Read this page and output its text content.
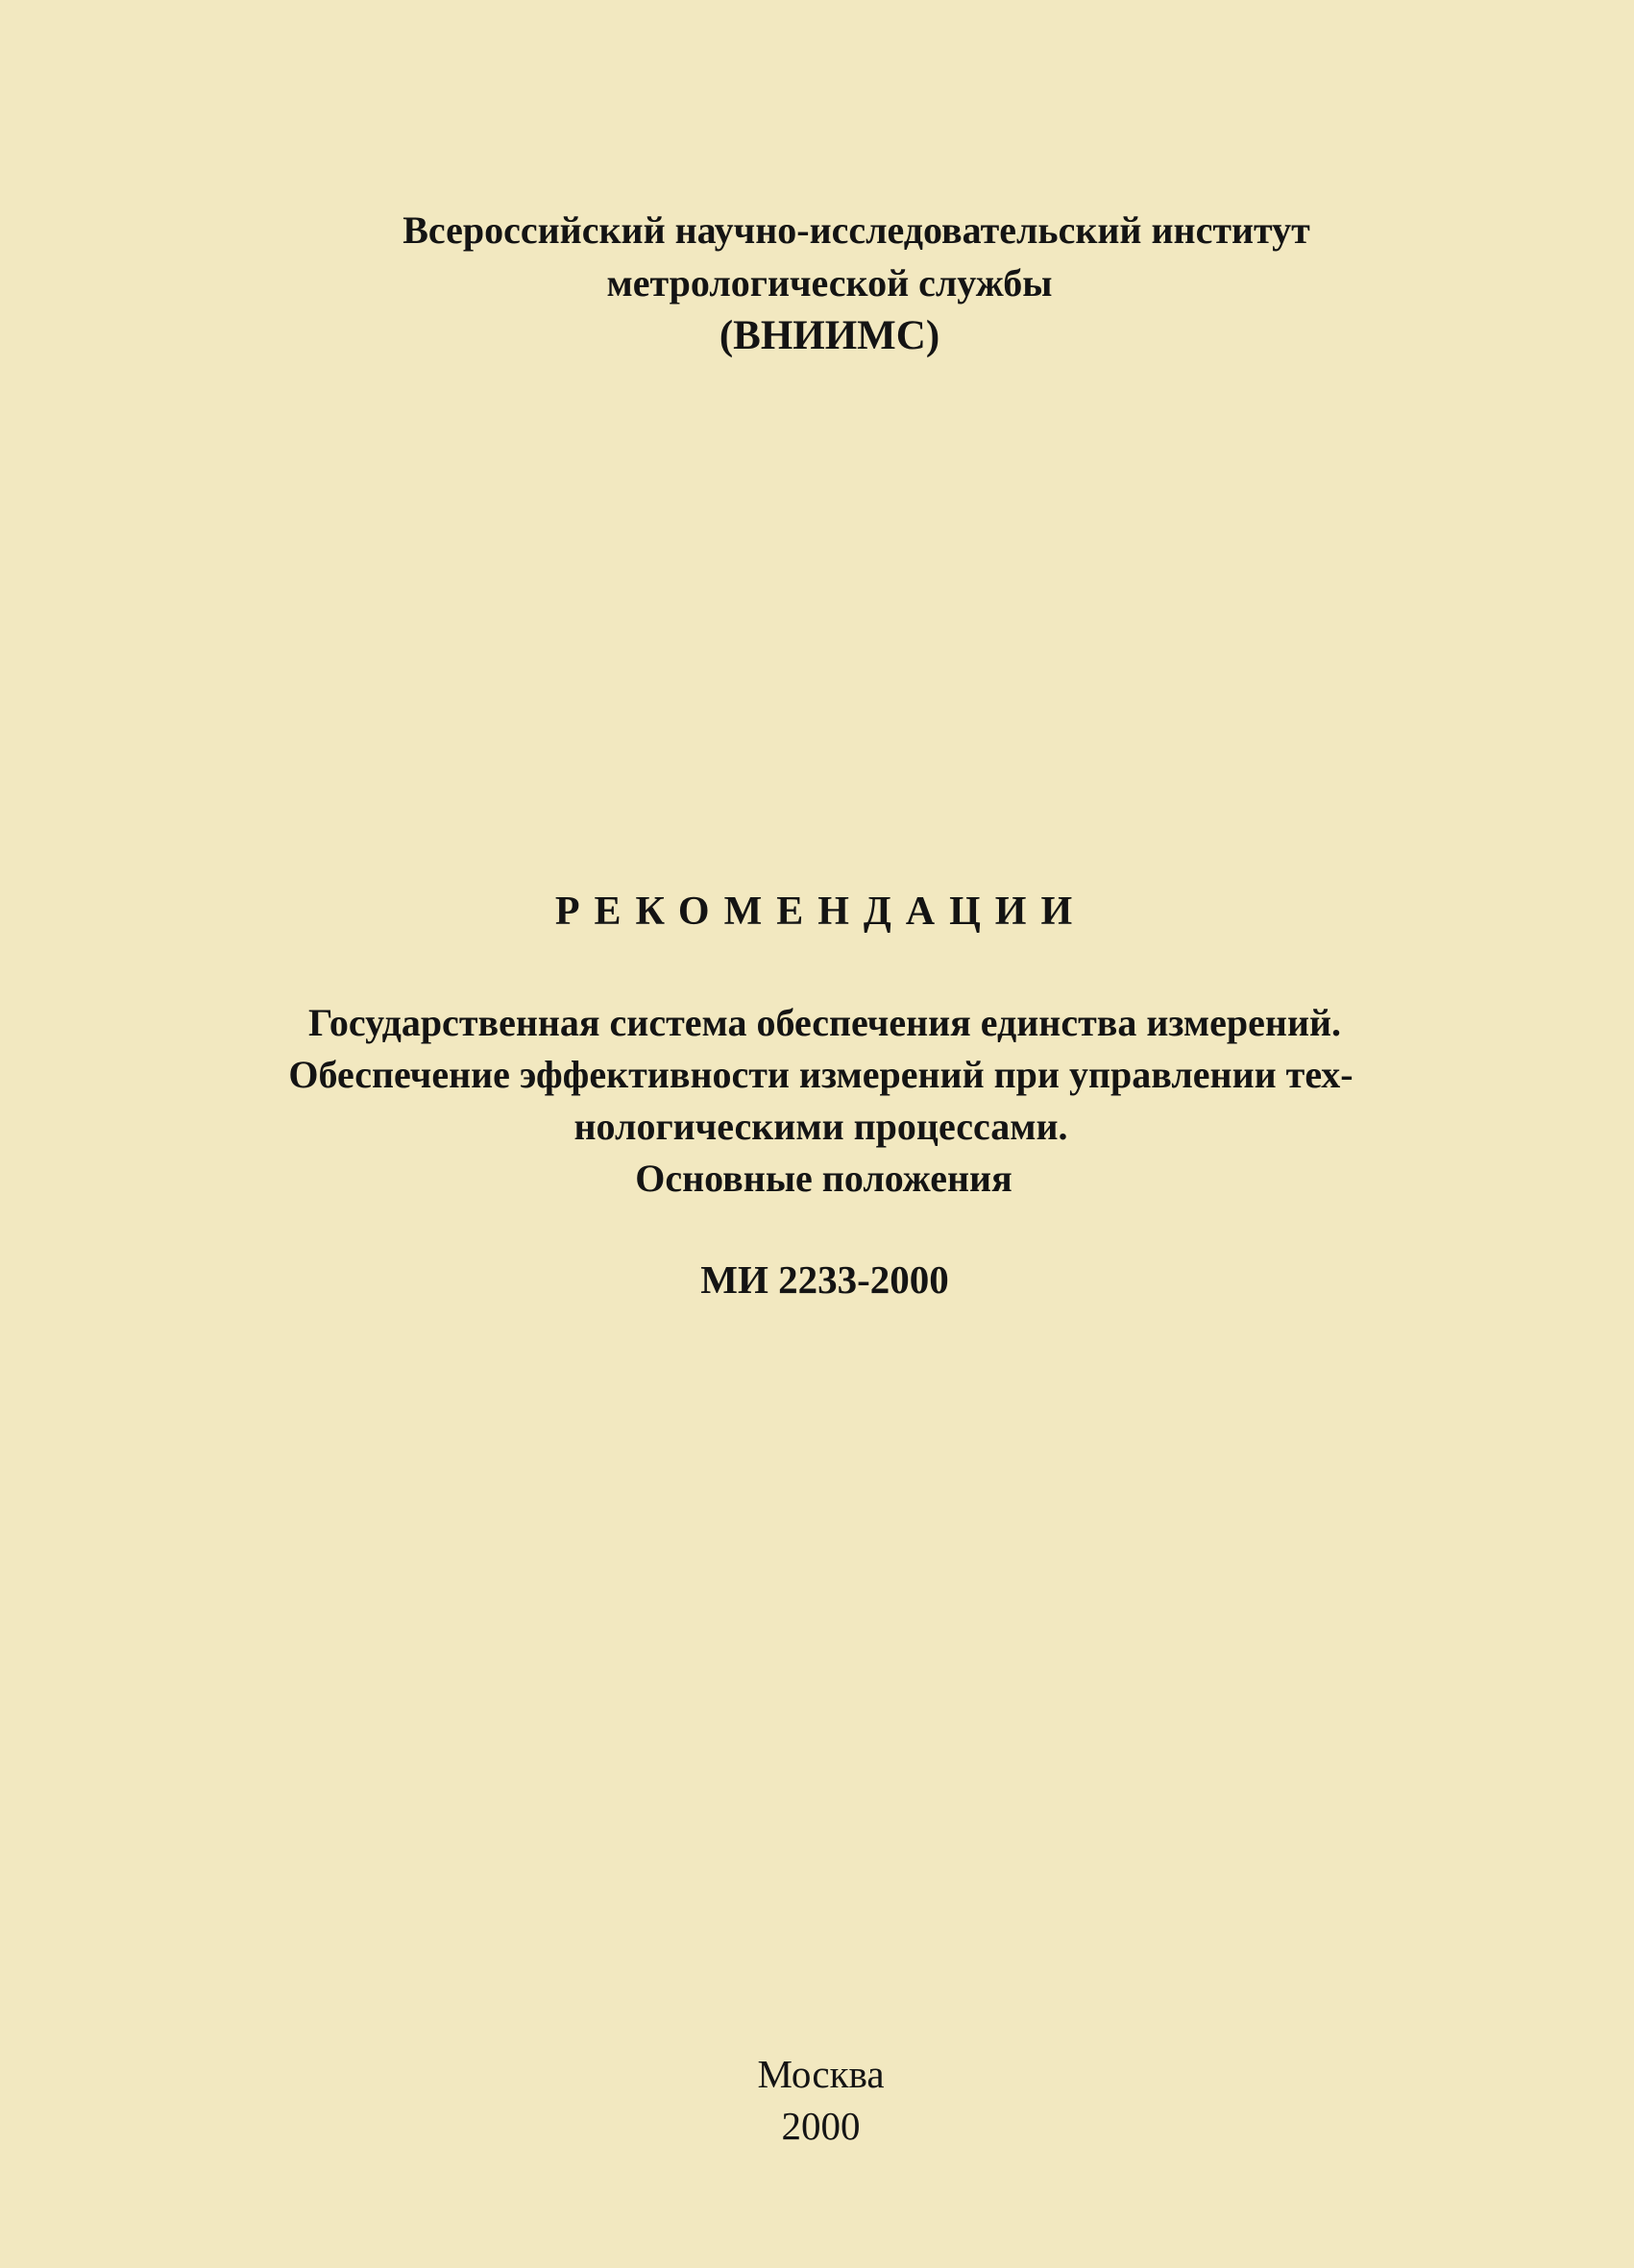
Всероссийский научно-исследовательский институт
метрологической службы
(ВНИИМС)
РЕКОМЕНДАЦИИ
Государственная система обеспечения единства измерений.
Обеспечение эффективности измерений при управлении тех-
нологическими процессами.
Основные положения
МИ 2233-2000
Москва
2000
